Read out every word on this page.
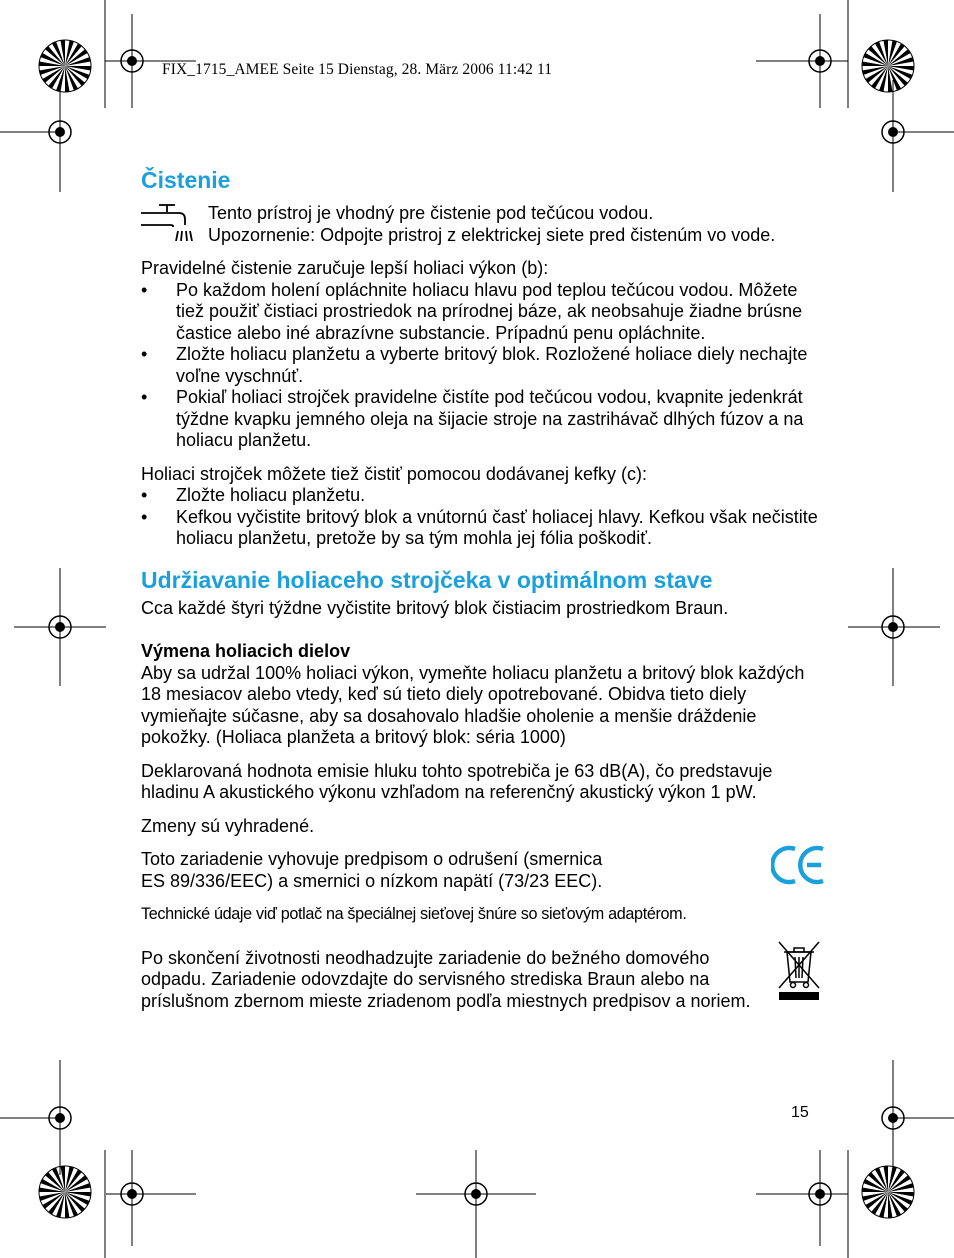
FIX_1715_AMEE Seite 15 Dienstag, 28. März 2006 11:42 11
Čistenie

Tento prístroj je vhodný pre čistenie pod tečúcou vodou.

Upozornenie: Odpojte pristroj z elektrickej siete pred čistenúm vo vode.

Pravidelné čistenie zaručuje lepší holiaci výkon (b):

• Po každom holení opláchnite holiacu hlavu pod teplou tečúcou vodou. Môžete tiež použiť čistiaci prostriedok na prírodnej báze, ak neobsahuje žiadne brúsne častice alebo iné abrazívne substancie. Prípadnú penu opláchnite.
• Zložte holiacu planžetu a vyberte britový blok. Rozložené holiace diely nechajte voľne vyschnúť.
• Pokiaľ holiaci strojček pravidelne čistíte pod tečúcou vodou, kvapnite jedenkrát týždne kvapku jemného oleja na šijacie stroje na zastrihávač dlhých fúzov a na holiacu planžetu.

Holiaci strojček môžete tiež čistiť pomocou dodávanej kefky (c):

• Zložte holiacu planžetu.
• Kefkou vyčistite britový blok a vnútornú časť holiacej hlavy. Kefkou však nečistite holiacu planžetu, pretože by sa tým mohla jej fólia poškodiť.
Udržiavanie holiaceho strojčeka v optimálnom stave

Cca každé štyri týždne vyčistite britový blok čistiacim prostriedkom Braun.

Výmena holiacich dielov

Aby sa udržal 100% holiaci výkon, vymeňte holiacu planžetu a britový blok každých 18 mesiacov alebo vtedy, keď sú tieto diely opotrebované. Obidva tieto diely vymieňajte súčasne, aby sa dosahovalo hladšie oholenie a menšie dráždenie pokožky. (Holiaca planžeta a britový blok: séria 1000)

Deklarovaná hodnota emisie hluku tohto spotrebiča je 63 dB(A), čo predstavuje hladinu A akustického výkonu vzhľadom na referenčný akustický výkon 1 pW.

Zmeny sú vyhradené.

Toto zariadenie vyhovuje predpisom o odrušení (smernica

ES 89/336/EEC) a smernici o nízkom napätí (73/23 EEC).

Technické údaje viď potlač na špeciálnej sieťovej šnúre so sieťovým adaptérom.

Po skončení životnosti neodhadzujte zariadenie do bežného domového odpadu. Zariadenie odovzdajte do servisného strediska Braun alebo na príslušnom zbernom mieste zriadenom podľa miestnych predpisov a noriem.

15
